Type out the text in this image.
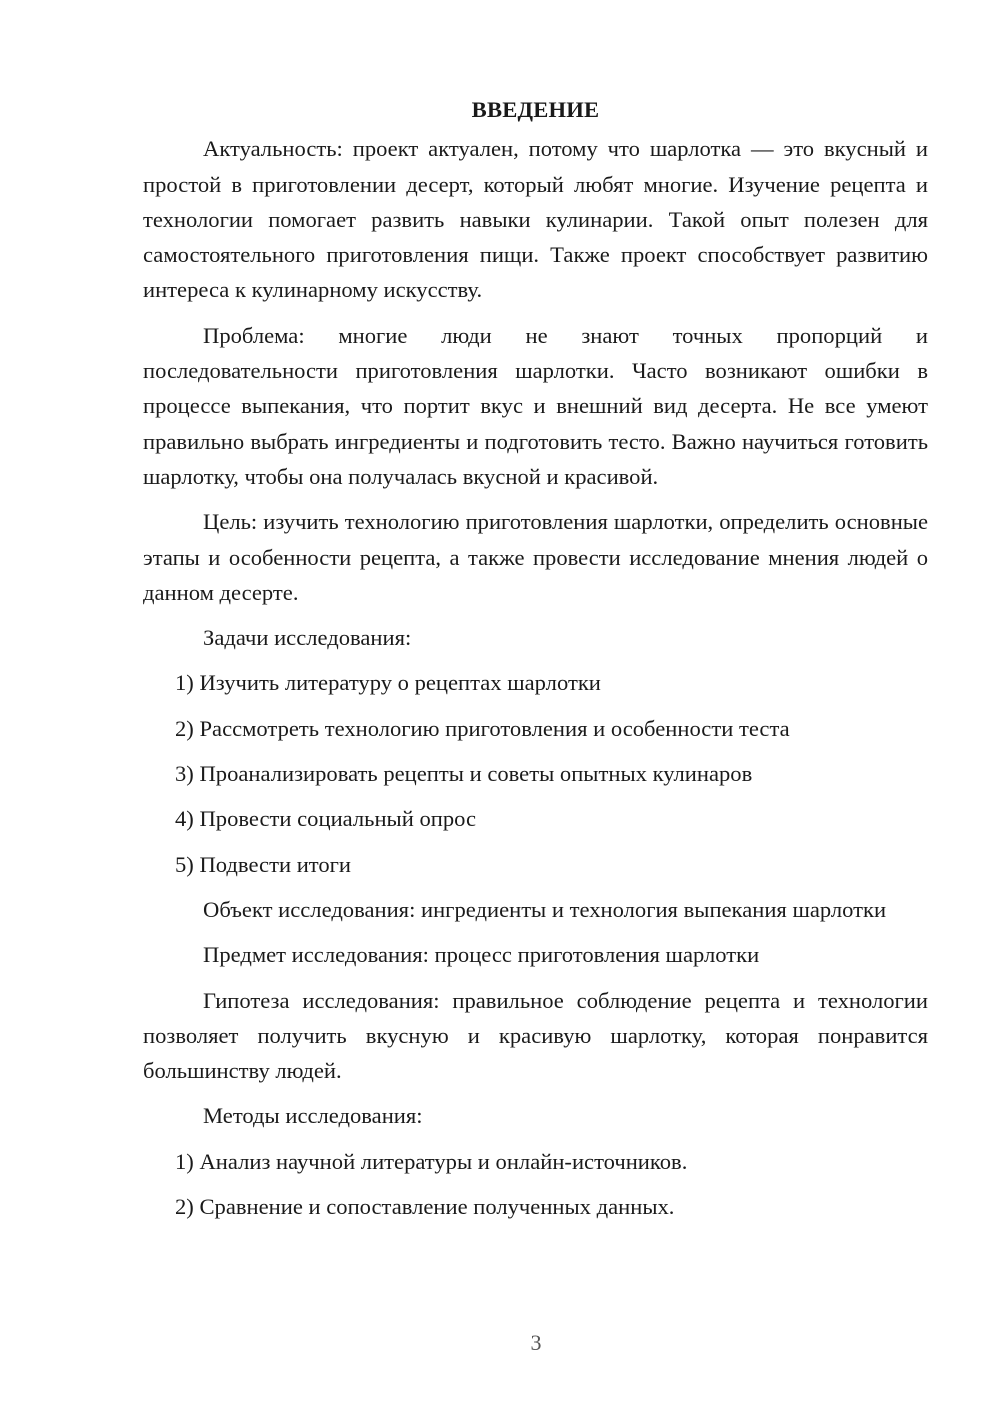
ВВЕДЕНИЕ

Актуальность: проект актуален, потому что шарлотка — это вкусный и простой в приготовлении десерт, который любят многие. Изучение рецепта и технологии помогает развить навыки кулинарии. Такой опыт полезен для самостоятельного приготовления пищи. Также проект способствует развитию интереса к кулинарному искусству.

Проблема: многие люди не знают точных пропорций и последовательности приготовления шарлотки. Часто возникают ошибки в процессе выпекания, что портит вкус и внешний вид десерта. Не все умеют правильно выбрать ингредиенты и подготовить тесто. Важно научиться готовить шарлотку, чтобы она получалась вкусной и красивой.

Цель: изучить технологию приготовления шарлотки, определить основные этапы и особенности рецепта, а также провести исследование мнения людей о данном десерте.

Задачи исследования:

1) Изучить литературу о рецептах шарлотки
2) Рассмотреть технологию приготовления и особенности теста
3) Проанализировать рецепты и советы опытных кулинаров
4) Провести социальный опрос
5) Подвести итоги

Объект исследования: ингредиенты и технология выпекания шарлотки

Предмет исследования: процесс приготовления шарлотки

Гипотеза исследования: правильное соблюдение рецепта и технологии позволяет получить вкусную и красивую шарлотку, которая понравится большинству людей.

Методы исследования:

1) Анализ научной литературы и онлайн-источников.
2) Сравнение и сопоставление полученных данных.
3
